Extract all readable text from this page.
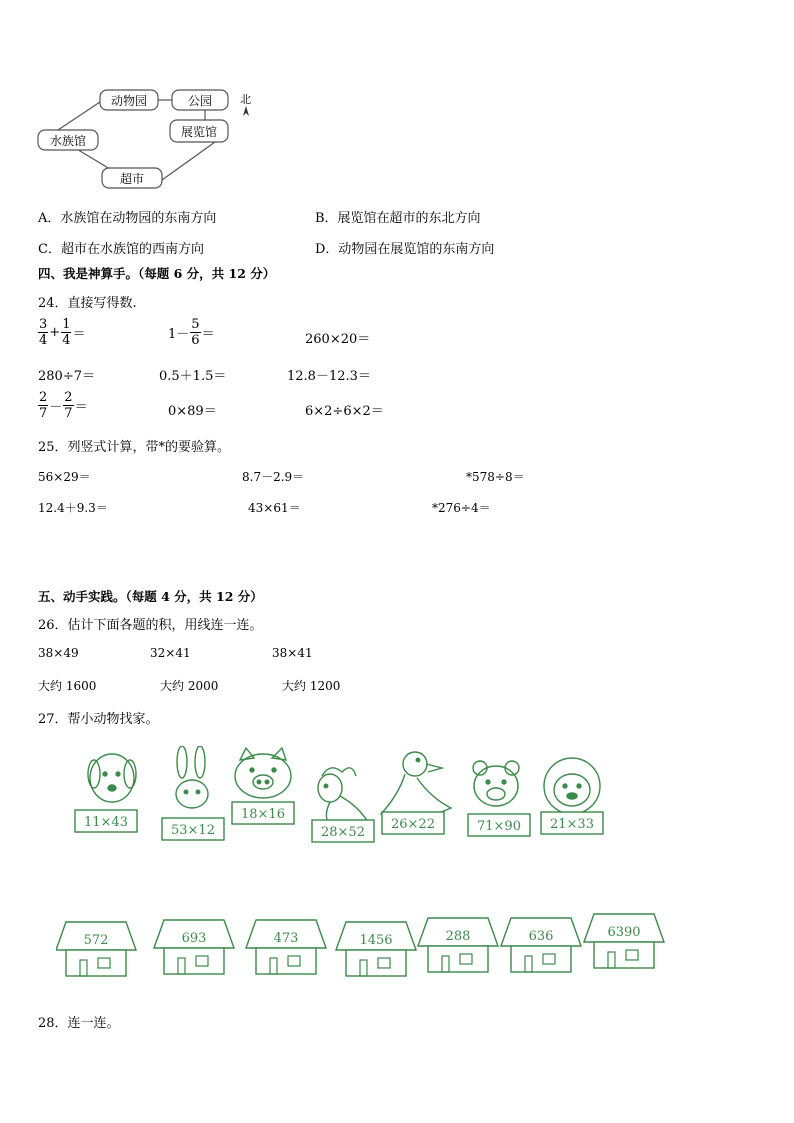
动物园	公园
水族馆
展览馆
超市
北
A．水族馆在动物园的东南方向	B．展览馆在超市的东北方向
C．超市在水族馆的西南方向	D．动物园在展览馆的东南方向
四、我是神算手。（每题 6 分，共 12 分）
24．直接写得数.
$\frac{3}{4} + \frac{1}{4}$ ＝	$1- \frac{5}{6}$ ＝	260×20＝
280÷7＝	0.5＋1.5＝	12.8－12.3＝
$\frac{2}{7} - \frac{2}{7}$ ＝	0×89＝	6×2÷6×2＝
25．列竖式计算，带*的要验算。
56×29＝	8.7－2.9＝	*578÷8＝
12.4＋9.3＝	43×61＝	*276÷4＝
五、动手实践。（每题 4 分，共 12 分）
26．估计下面各题的积，用线连一连。
38×49	32×41	38×41
大约 1600	大约 2000	大约 1200
27．帮小动物找家。
11×43
53×12
18×16
28×52
26×22	71×90 21×33
572	693	473	1456	288	636	6390
28．连一连。
